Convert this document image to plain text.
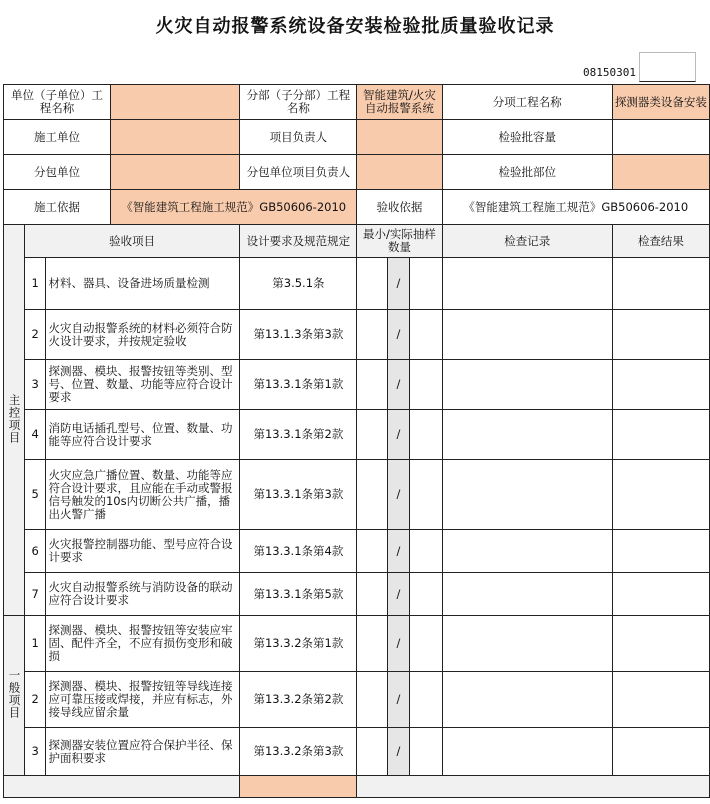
火灾自动报警系统设备安装检验批质量验收记录
08150301
单位（子单位）工程名称				分部（子分部）工程名称	智能建筑/火灾自动报警系统			分项工程名称	探测器类设备安装
施工单位				项目负责人				检验批容量	
分包单位				分包单位项目负责人				检验批部位	
施工依据			《智能建筑工程施工规范》GB50606-2010		验收依据			《智能建筑工程施工规范》GB50606-2010	
主控项目	验收项目			设计要求及规范规定	最小/实际抽样数量			检查记录	检查结果
	1	材料、器具、设备进场质量检测		第3.5.1条		/			
	2	火灾自动报警系统的材料必须符合防火设计要求，并按规定验收		第13.1.3条第3款		/			
	3	探测器、模块、报警按钮等类别、型号、位置、数量、功能等应符合设计要求		第13.3.1条第1款		/			
	4	消防电话插孔型号、位置、数量、功能等应符合设计要求		第13.3.1条第2款		/			
	5	火灾应急广播位置、数量、功能等应符合设计要求，且应能在手动或警报信号触发的10s内切断公共广播，播出火警广播		第13.3.1条第3款		/			
	6	火灾报警控制器功能、型号应符合设计要求		第13.3.1条第4款		/			
	7	火灾自动报警系统与消防设备的联动应符合设计要求		第13.3.1条第5款		/			
一般项目	1	探测器、模块、报警按钮等安装应牢固、配件齐全，不应有损伤变形和破损		第13.3.2条第1款		/			
	2	探测器、模块、报警按钮等导线连接应可靠压接或焊接，并应有标志，外接导线应留余量		第13.3.2条第2款		/			
	3	探测器安装位置应符合保护半径、保护面积要求		第13.3.2条第3款		/			
